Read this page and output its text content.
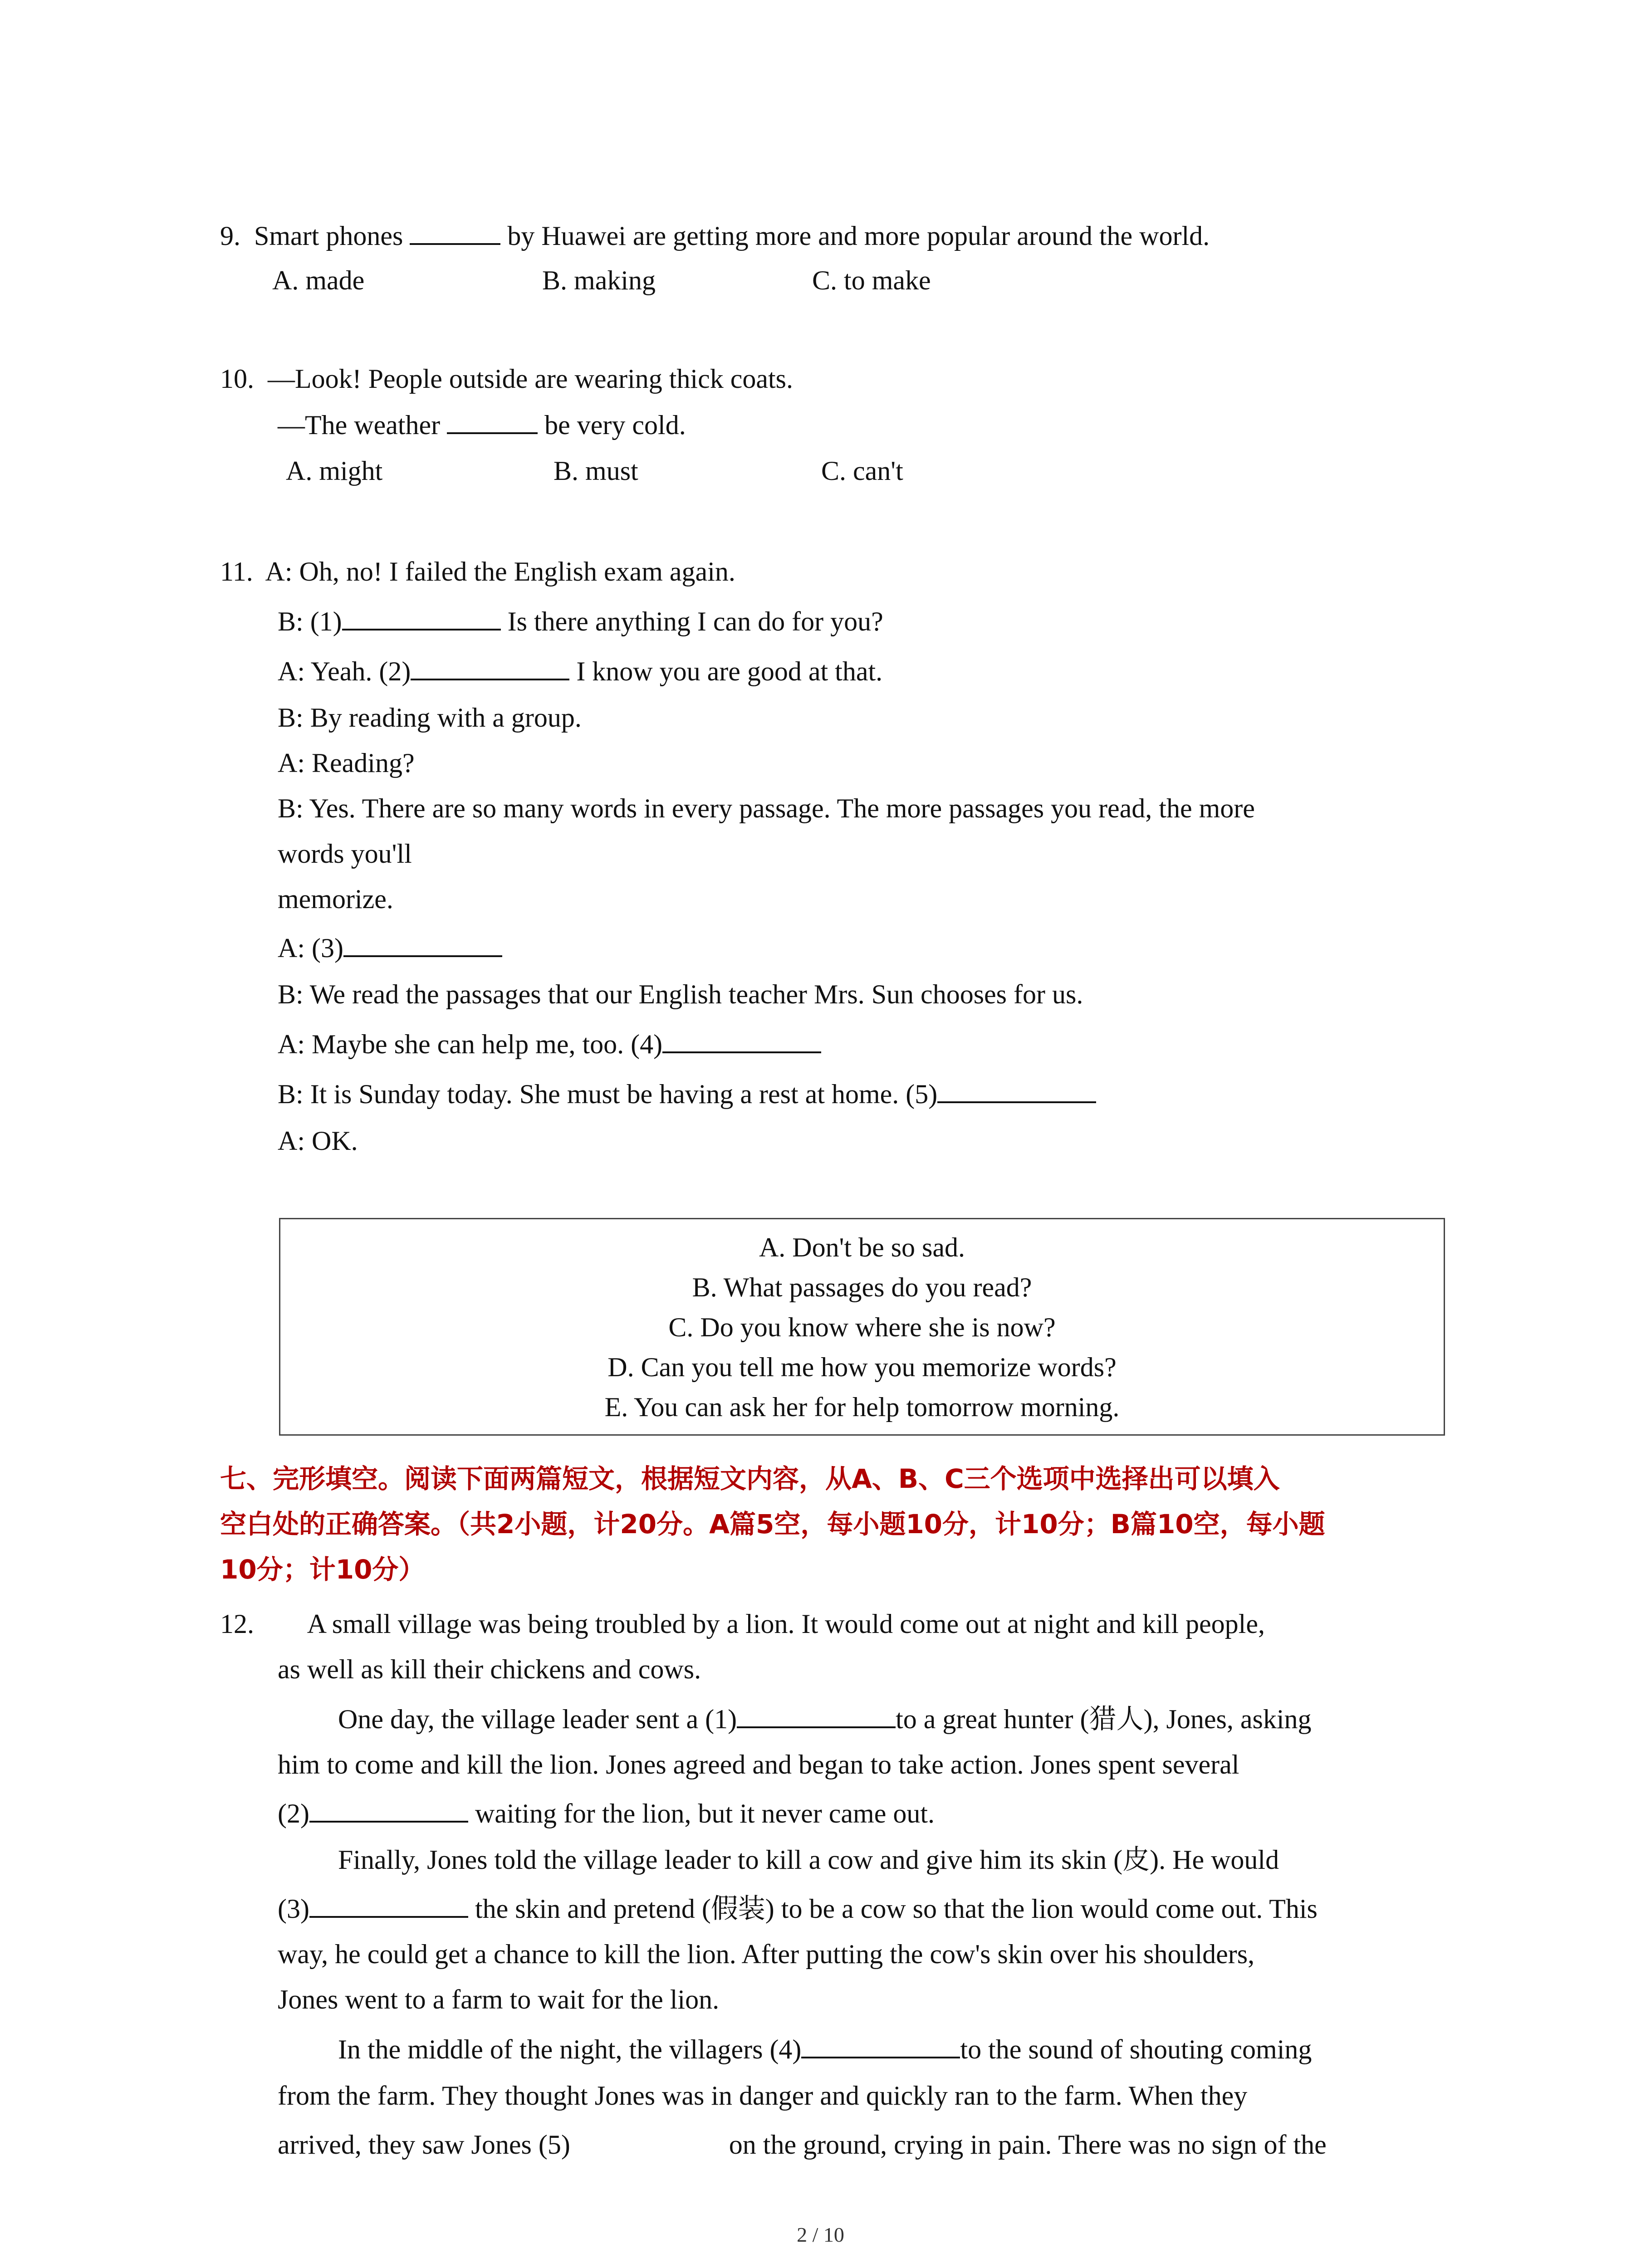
9. Smart phones	by Huawei are getting more and more popular around the world.
A. made	B. making	C. to make
10. —Look! People outside are wearing thick coats.
—The weather	be very cold.
A. might	B. must	C. can't
11. A: Oh, no! I failed the English exam again.
B: (1)	Is there anything I can do for you?
A: Yeah. (2)	I know you are good at that.
B: By reading with a group.
A: Reading?
B: Yes. There are so many words in every passage. The more passages you read, the more
words you'll
memorize.
A: (3)
B: We read the passages that our English teacher Mrs. Sun chooses for us.
A: Maybe she can help me, too. (4)
B: It is Sunday today. She must be having a rest at home. (5)
A: OK.
A. Don't be so sad.
B. What passages do you read?
C. Do you know where she is now?
D. Can you tell me how you memorize words?
E. You can ask her for help tomorrow morning.
七、完形填空。阅读下面两篇短文，根据短文内容，从A、B、C三个选项中选择出可以填入
空白处的正确答案。（共2小题，计20分。A篇5空，每小题10分，计10分；B篇10空，每小题
10分；计10分）
12. A small village was being troubled by a lion. It would come out at night and kill people,
as well as kill their chickens and cows.
One day, the village leader sent a (1)	to a great hunter (猎人), Jones, asking
him to come and kill the lion. Jones agreed and began to take action. Jones spent several
(2)	waiting for the lion, but it never came out.
Finally, Jones told the village leader to kill a cow and give him its skin (皮). He would
(3)	the skin and pretend (假装) to be a cow so that the lion would come out. This
way, he could get a chance to kill the lion. After putting the cow's skin over his shoulders,
Jones went to a farm to wait for the lion.
In the middle of the night, the villagers (4)	to the sound of shouting coming
from the farm. They thought Jones was in danger and quickly ran to the farm. When they
arrived, they saw Jones (5)	on the ground, crying in pain. There was no sign of the
2 / 10
